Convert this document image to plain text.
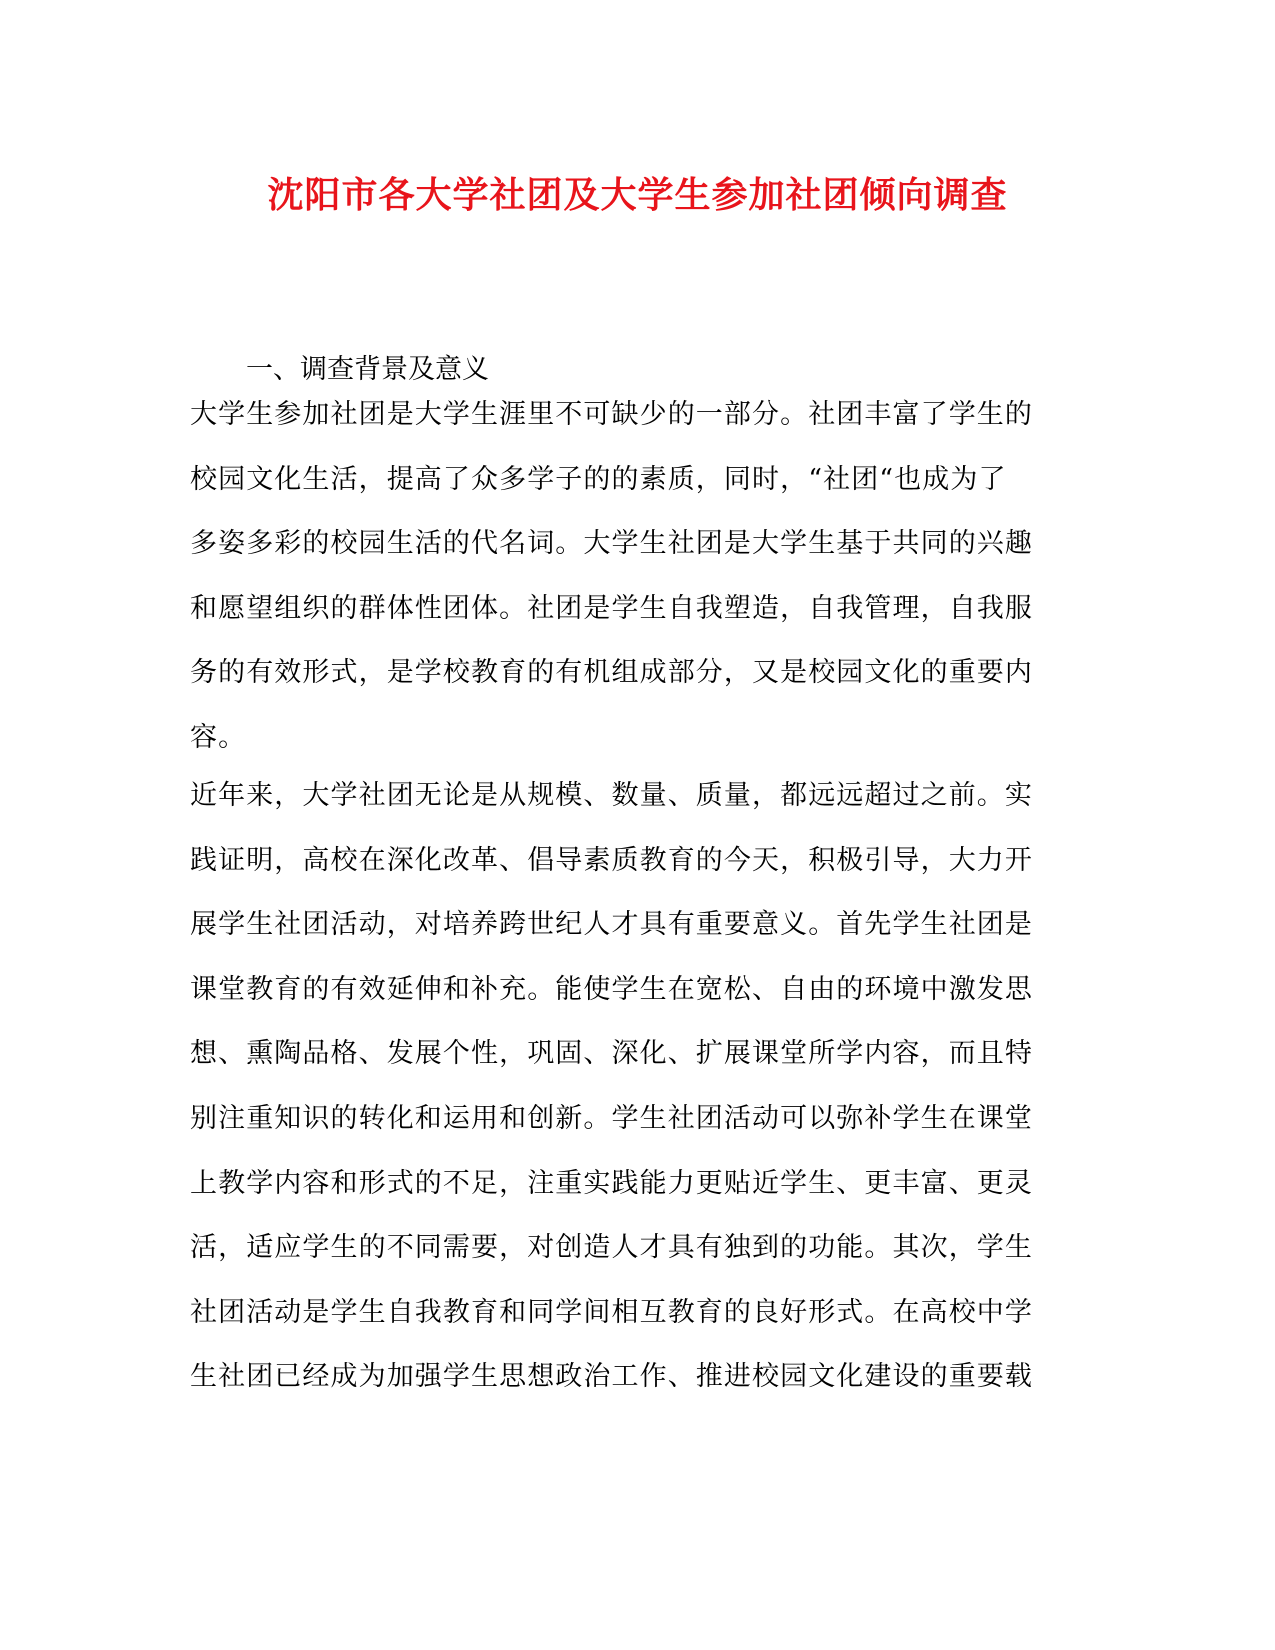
沈阳市各大学社团及大学生参加社团倾向调查

一、调查背景及意义

大学生参加社团是大学生涯里不可缺少的一部分。社团丰富了学生的
校园文化生活，提高了众多学子的的素质，同时，“社团“也成为了
多姿多彩的校园生活的代名词。大学生社团是大学生基于共同的兴趣
和愿望组织的群体性团体。社团是学生自我塑造，自我管理，自我服
务的有效形式，是学校教育的有机组成部分，又是校园文化的重要内
容。

近年来，大学社团无论是从规模、数量、质量，都远远超过之前。实
践证明，高校在深化改革、倡导素质教育的今天，积极引导，大力开
展学生社团活动，对培养跨世纪人才具有重要意义。首先学生社团是
课堂教育的有效延伸和补充。能使学生在宽松、自由的环境中激发思
想、熏陶品格、发展个性，巩固、深化、扩展课堂所学内容，而且特
别注重知识的转化和运用和创新。学生社团活动可以弥补学生在课堂
上教学内容和形式的不足，注重实践能力更贴近学生、更丰富、更灵
活，适应学生的不同需要，对创造人才具有独到的功能。其次，学生
社团活动是学生自我教育和同学间相互教育的良好形式。在高校中学
生社团已经成为加强学生思想政治工作、推进校园文化建设的重要载
